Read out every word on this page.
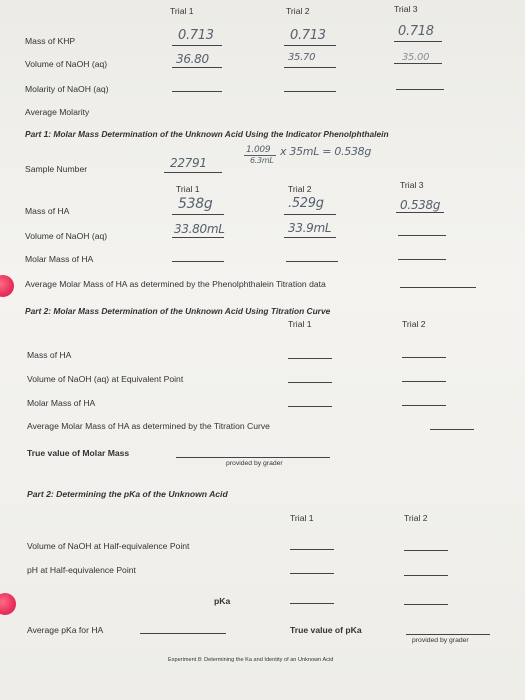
Trial 1	Trial 2	Trial 3
Mass of KHP	0.713	0.713	0.718
Volume of NaOH (aq)	36.80	35.70	35.00
Molarity of NaOH (aq)
Average Molarity
Part 1: Molar Mass Determination of the Unknown Acid Using the Indicator Phenolphthalein
1.009
6.3mL
x 35mL = 0.538g
Sample Number	22791
Trial 1	Trial 2	Trial 3
Mass of HA	538g	.529g	0.538g
Volume of NaOH (aq)	33.80mL	33.9mL
Molar Mass of HA
Average Molar Mass of HA as determined by the Phenolphthalein Titration data
Part 2: Molar Mass Determination of the Unknown Acid Using Titration Curve
Trial 1	Trial 2
Mass of HA
Volume of NaOH (aq) at Equivalent Point
Molar Mass of HA
Average Molar Mass of HA as determined by the Titration Curve
True value of Molar Mass
provided by grader
Part 2: Determining the pKa of the Unknown Acid
Trial 1	Trial 2
Volume of NaOH at Half-equivalence Point
pH at Half-equivalence Point
pKa
Average pKa for HA	True value of pKa
provided by grader
Experiment 8: Determining the Ka and Identity of an Unknown Acid
